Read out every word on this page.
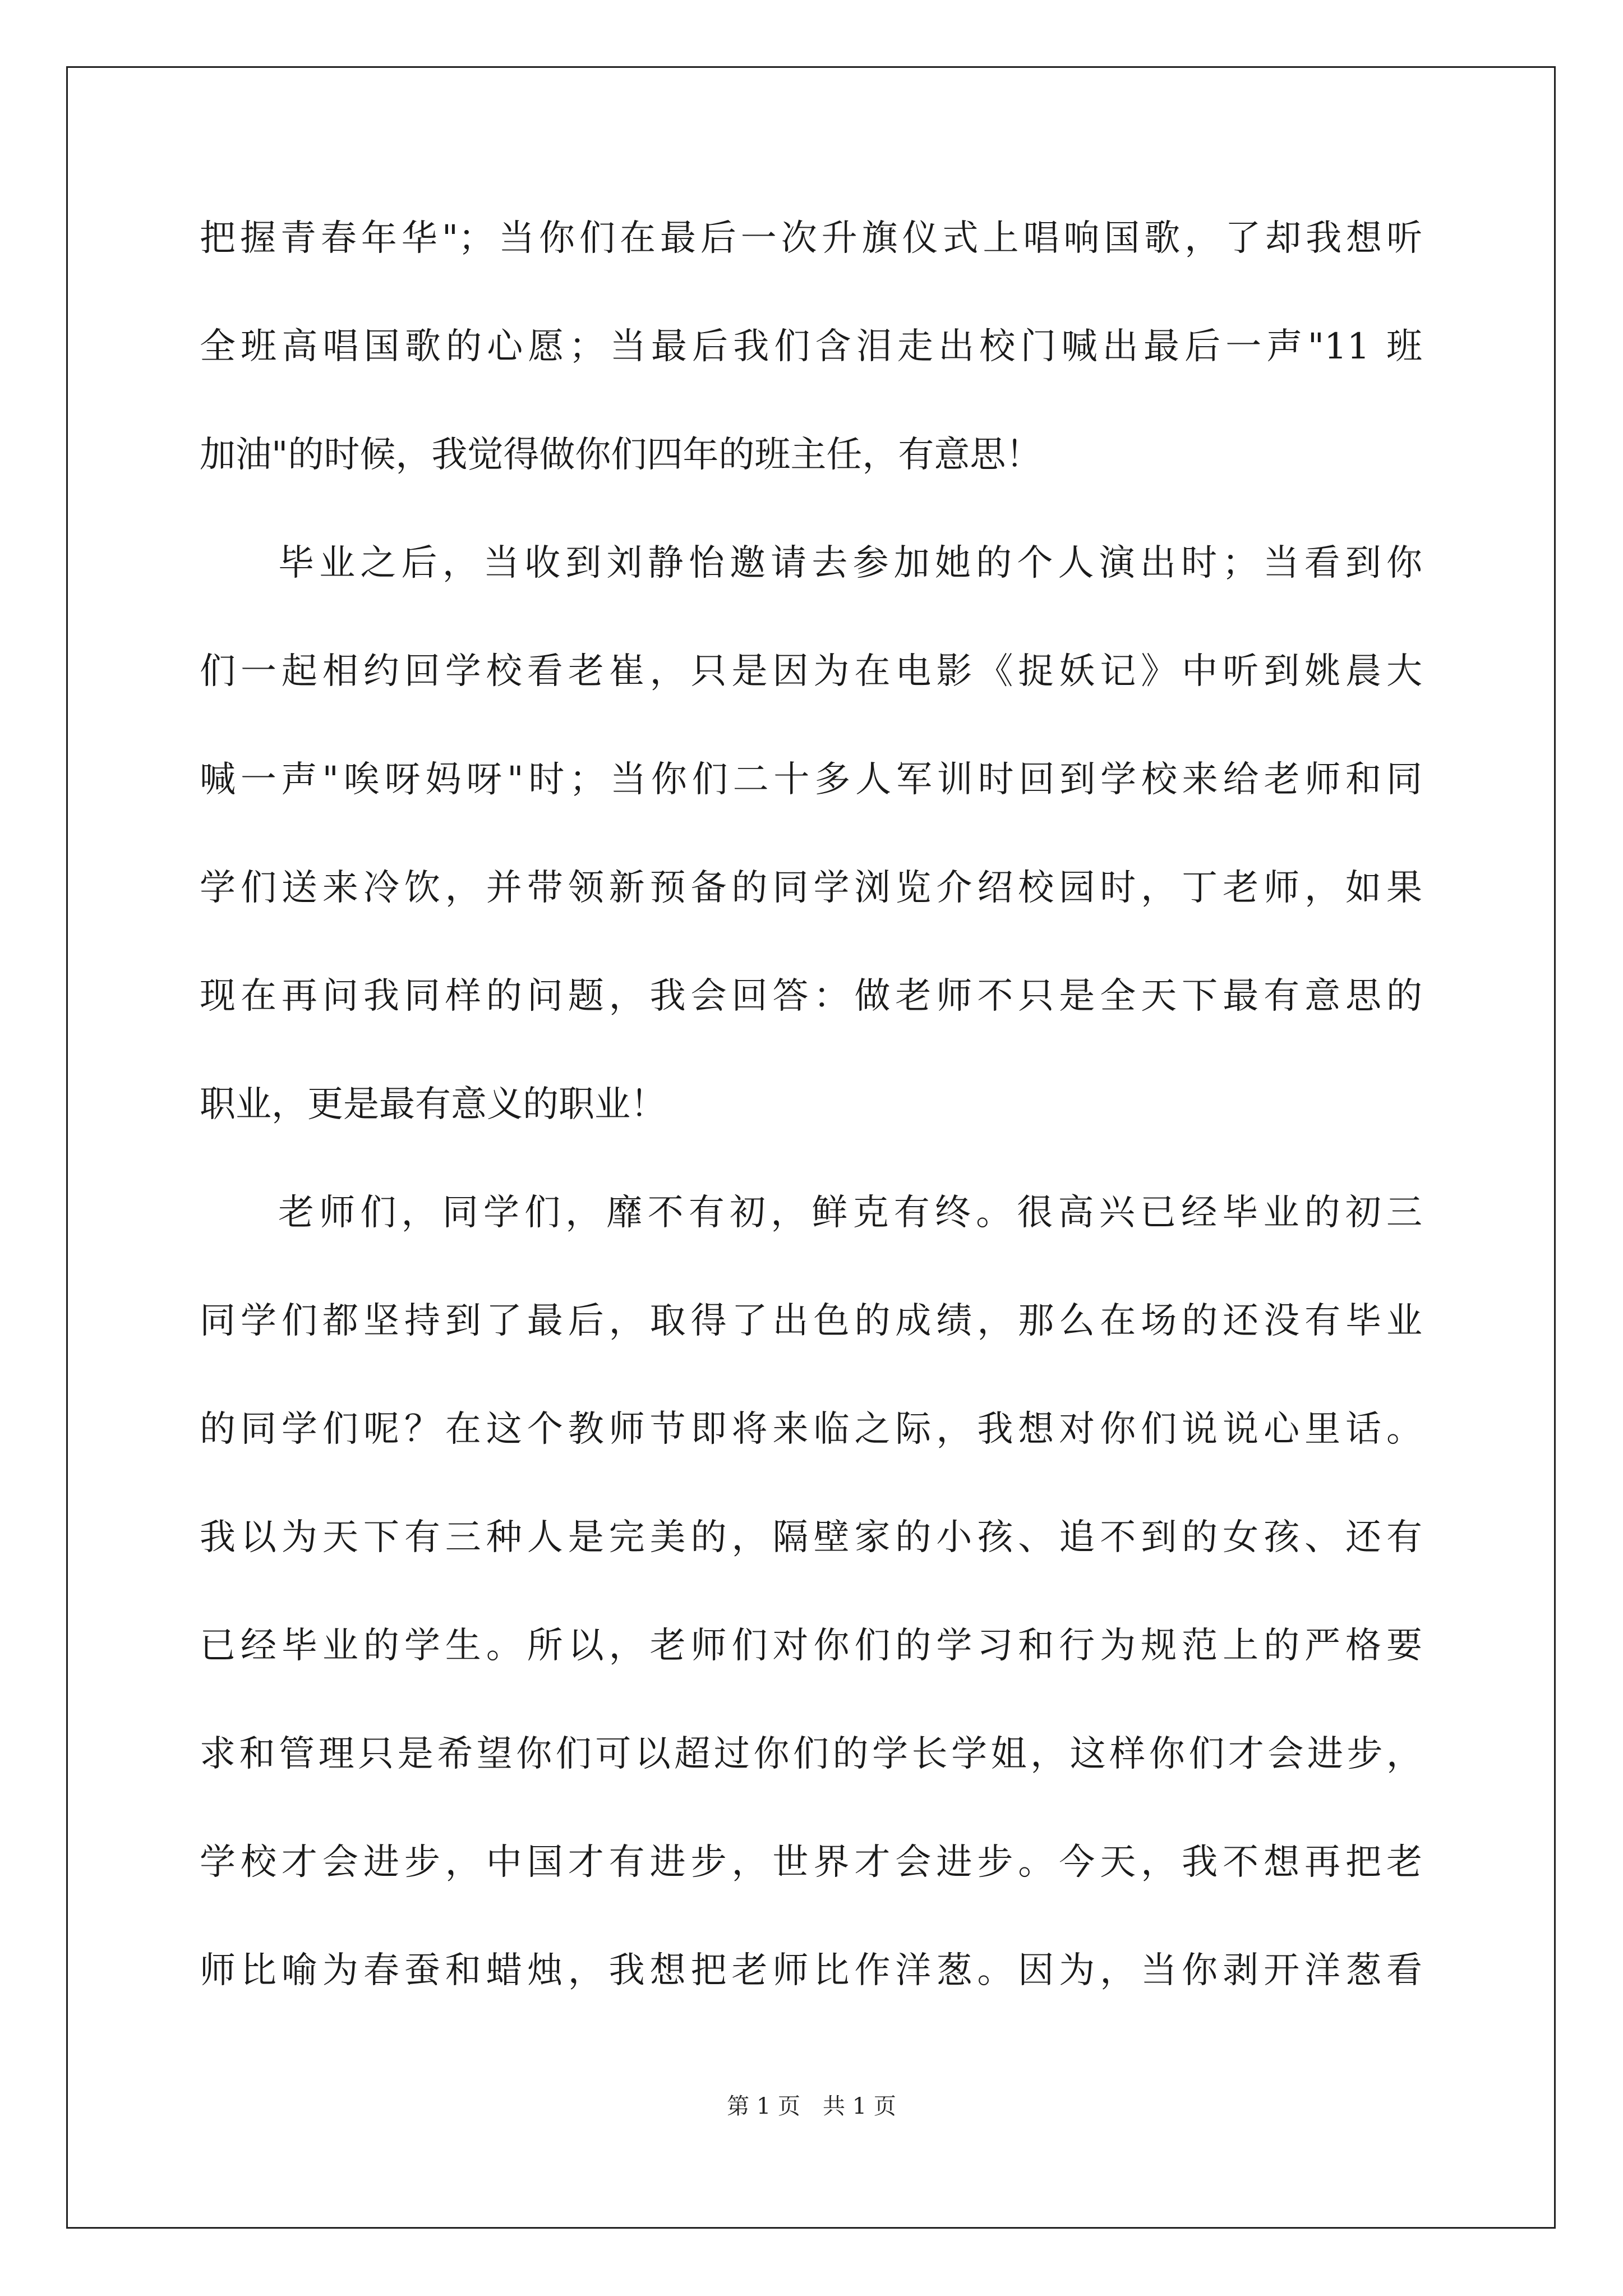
把握青春年华"；当你们在最后一次升旗仪式上唱响国歌，了却我想听
全班高唱国歌的心愿；当最后我们含泪走出校门喊出最后一声"11 班
加油"的时候，我觉得做你们四年的班主任，有意思！
毕业之后，当收到刘静怡邀请去参加她的个人演出时；当看到你
们一起相约回学校看老崔，只是因为在电影《捉妖记》中听到姚晨大
喊一声"唉呀妈呀"时；当你们二十多人军训时回到学校来给老师和同
学们送来冷饮，并带领新预备的同学浏览介绍校园时，丁老师，如果
现在再问我同样的问题，我会回答：做老师不只是全天下最有意思的
职业，更是最有意义的职业！
老师们，同学们，靡不有初，鲜克有终。很高兴已经毕业的初三
同学们都坚持到了最后，取得了出色的成绩，那么在场的还没有毕业
的同学们呢？在这个教师节即将来临之际，我想对你们说说心里话。
我以为天下有三种人是完美的，隔壁家的小孩、追不到的女孩、还有
已经毕业的学生。所以，老师们对你们的学习和行为规范上的严格要
求和管理只是希望你们可以超过你们的学长学姐，这样你们才会进步，
学校才会进步，中国才有进步，世界才会进步。今天，我不想再把老
师比喻为春蚕和蜡烛，我想把老师比作洋葱。因为，当你剥开洋葱看
第 1 页　共 1 页
